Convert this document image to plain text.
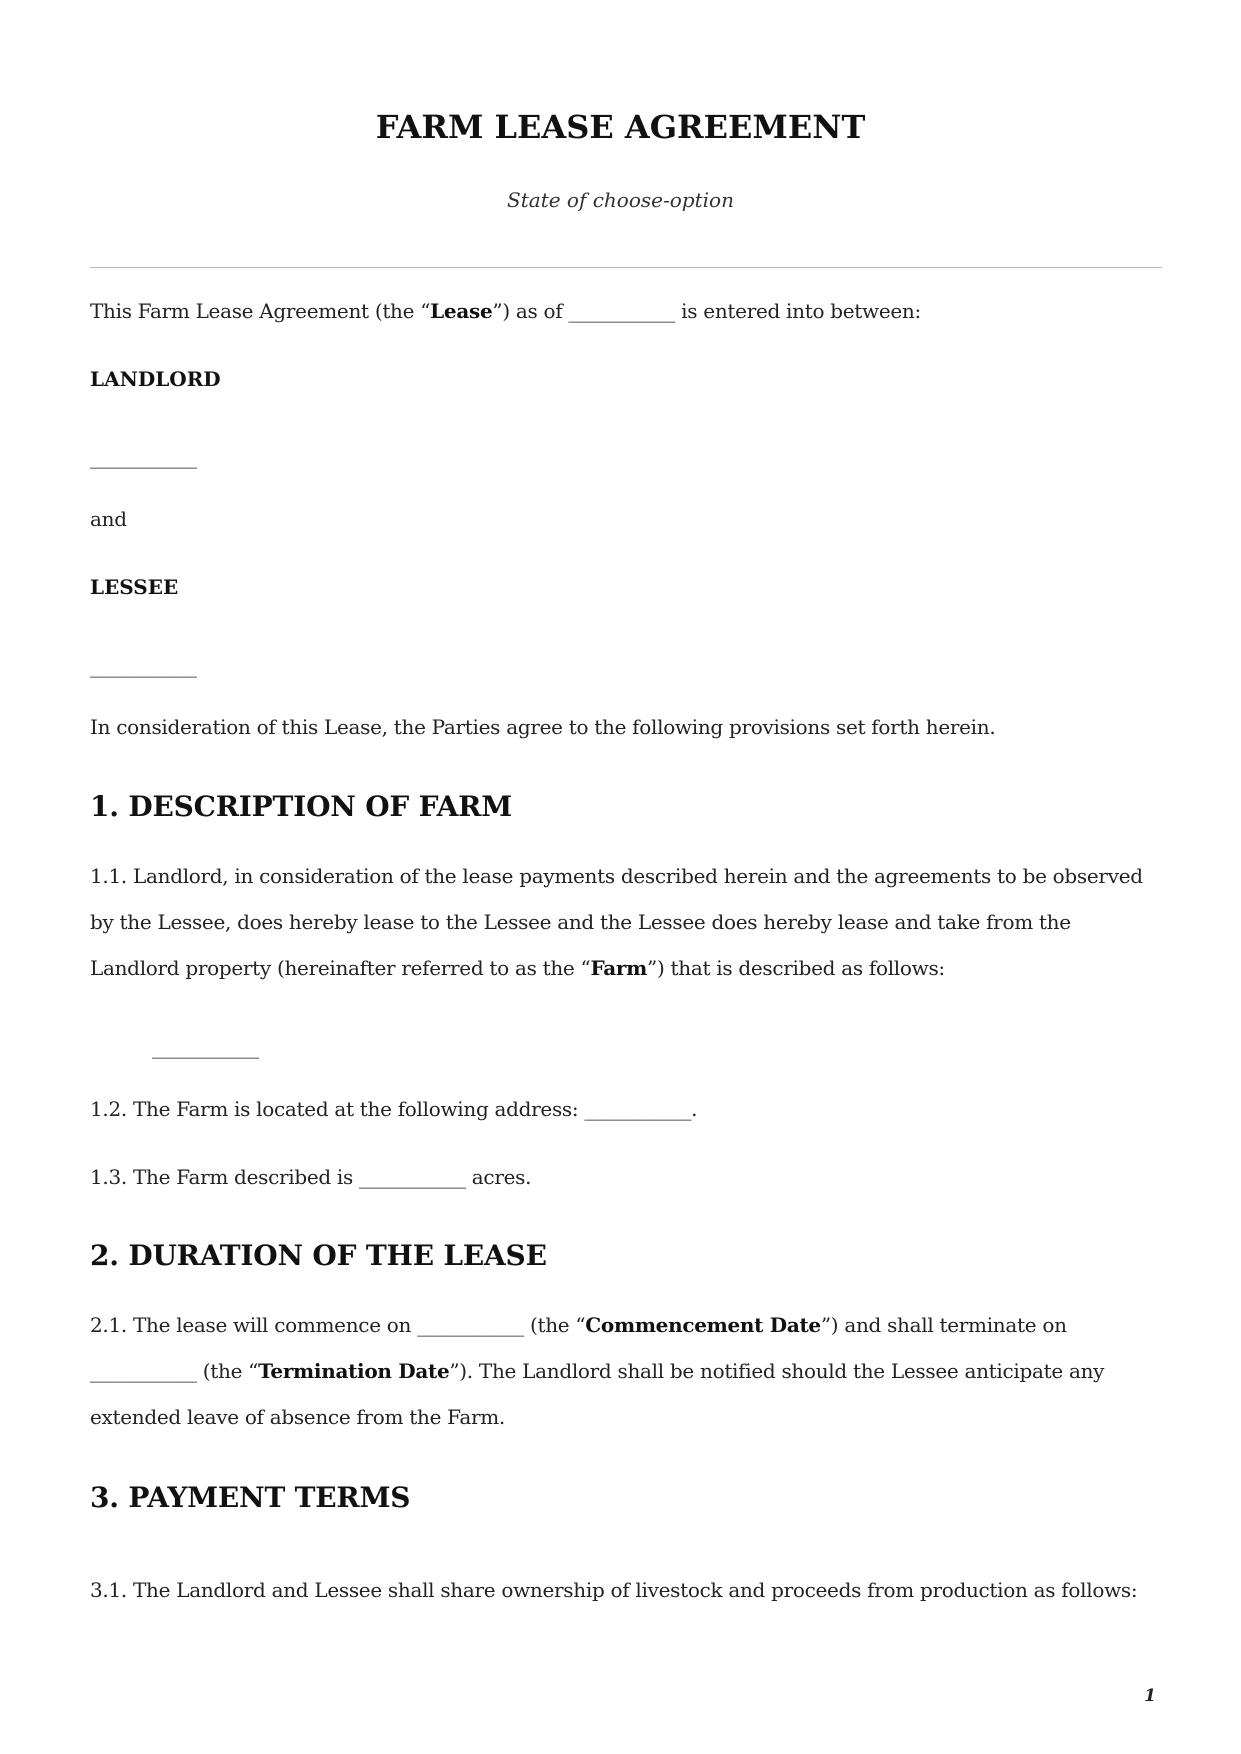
FARM LEASE AGREEMENT
State of choose-option

This Farm Lease Agreement (the “Lease”) as of ___________ is entered into between:

LANDLORD

___________

and

LESSEE

___________

In consideration of this Lease, the Parties agree to the following provisions set forth herein.

1. DESCRIPTION OF FARM

1.1. Landlord, in consideration of the lease payments described herein and the agreements to be observed by the Lessee, does hereby lease to the Lessee and the Lessee does hereby lease and take from the Landlord property (hereinafter referred to as the “Farm”) that is described as follows:

___________

1.2. The Farm is located at the following address: ___________.

1.3. The Farm described is ___________ acres.

2. DURATION OF THE LEASE

2.1. The lease will commence on ___________ (the “Commencement Date”) and shall terminate on ___________ (the “Termination Date”). The Landlord shall be notified should the Lessee anticipate any extended leave of absence from the Farm.

3. PAYMENT TERMS

3.1. The Landlord and Lessee shall share ownership of livestock and proceeds from production as follows:

1
